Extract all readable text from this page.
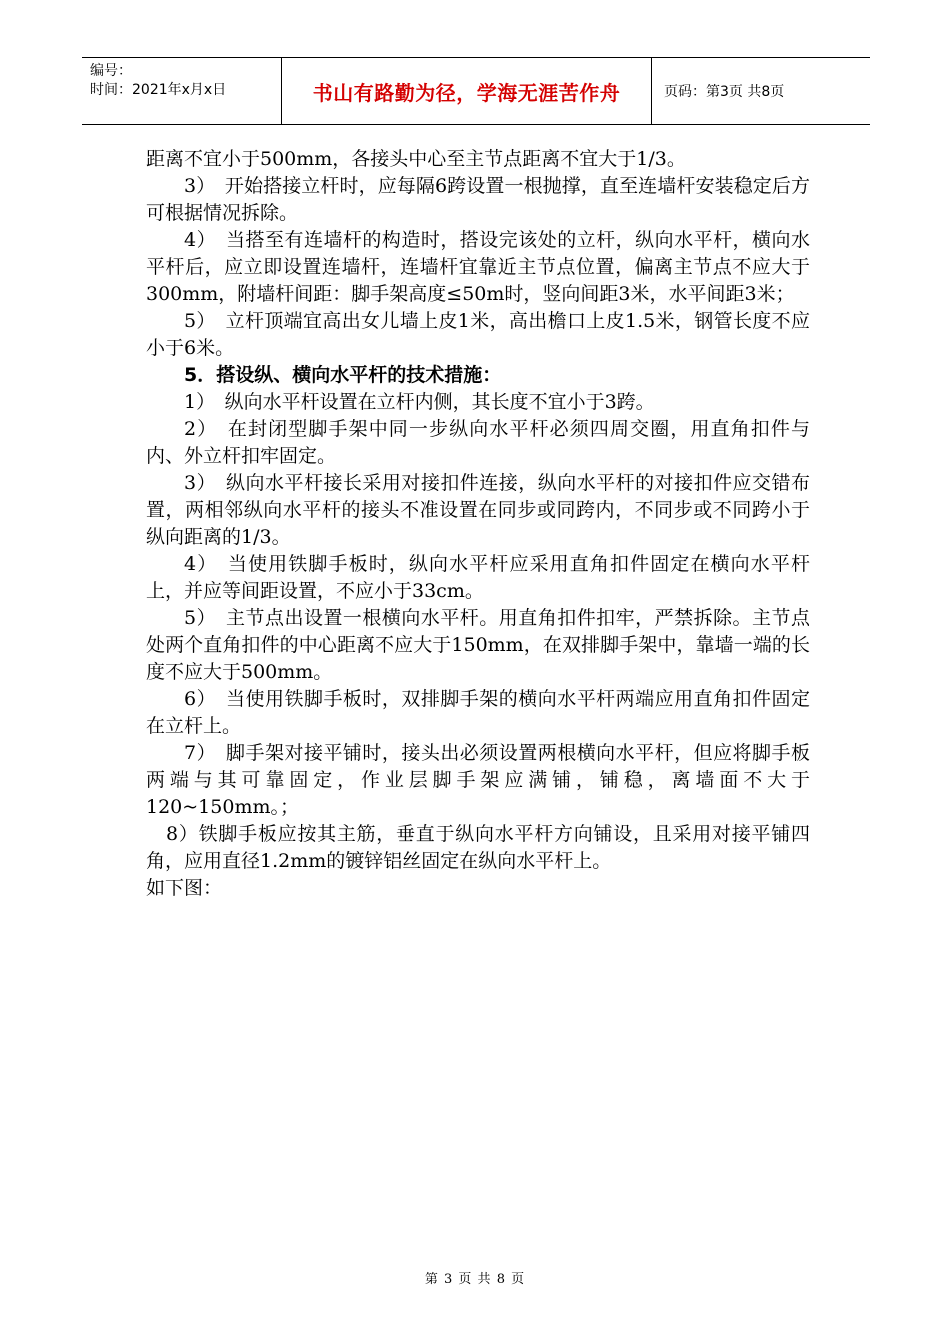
编号：
时间：2021年x月x日	书山有路勤为径，学海无涯苦作舟	页码：第3页 共8页

距离不宜小于500mm，各接头中心至主节点距离不宜大于1/3。

3）　开始搭接立杆时，应每隔6跨设置一根抛撑，直至连墙杆安装稳定后方可根据情况拆除。

4）　当搭至有连墙杆的构造时，搭设完该处的立杆，纵向水平杆，横向水平杆后，应立即设置连墙杆，连墙杆宜靠近主节点位置，偏离主节点不应大于300mm，附墙杆间距：脚手架高度≤50m时，竖向间距3米，水平间距3米；

5）　立杆顶端宜高出女儿墙上皮1米，高出檐口上皮1.5米，钢管长度不应小于6米。

5．搭设纵、横向水平杆的技术措施：

1）　纵向水平杆设置在立杆内侧，其长度不宜小于3跨。

2）　在封闭型脚手架中同一步纵向水平杆必须四周交圈，用直角扣件与内、外立杆扣牢固定。

3）　纵向水平杆接长采用对接扣件连接，纵向水平杆的对接扣件应交错布置，两相邻纵向水平杆的接头不准设置在同步或同跨内，不同步或不同跨小于纵向距离的1/3。

4）　当使用铁脚手板时，纵向水平杆应采用直角扣件固定在横向水平杆上，并应等间距设置，不应小于33cm。

5）　主节点出设置一根横向水平杆。用直角扣件扣牢，严禁拆除。主节点处两个直角扣件的中心距离不应大于150mm，在双排脚手架中，靠墙一端的长度不应大于500mm。

6）　当使用铁脚手板时，双排脚手架的横向水平杆两端应用直角扣件固定在立杆上。

7）　脚手架对接平铺时，接头出必须设置两根横向水平杆，但应将脚手板两端与其可靠固定，作业层脚手架应满铺，铺稳，离墙面不大于120~150mm。；

8）铁脚手板应按其主筋，垂直于纵向水平杆方向铺设，且采用对接平铺四角，应用直径1.2mm的镀锌铝丝固定在纵向水平杆上。

如下图：

第 3 页 共 8 页
